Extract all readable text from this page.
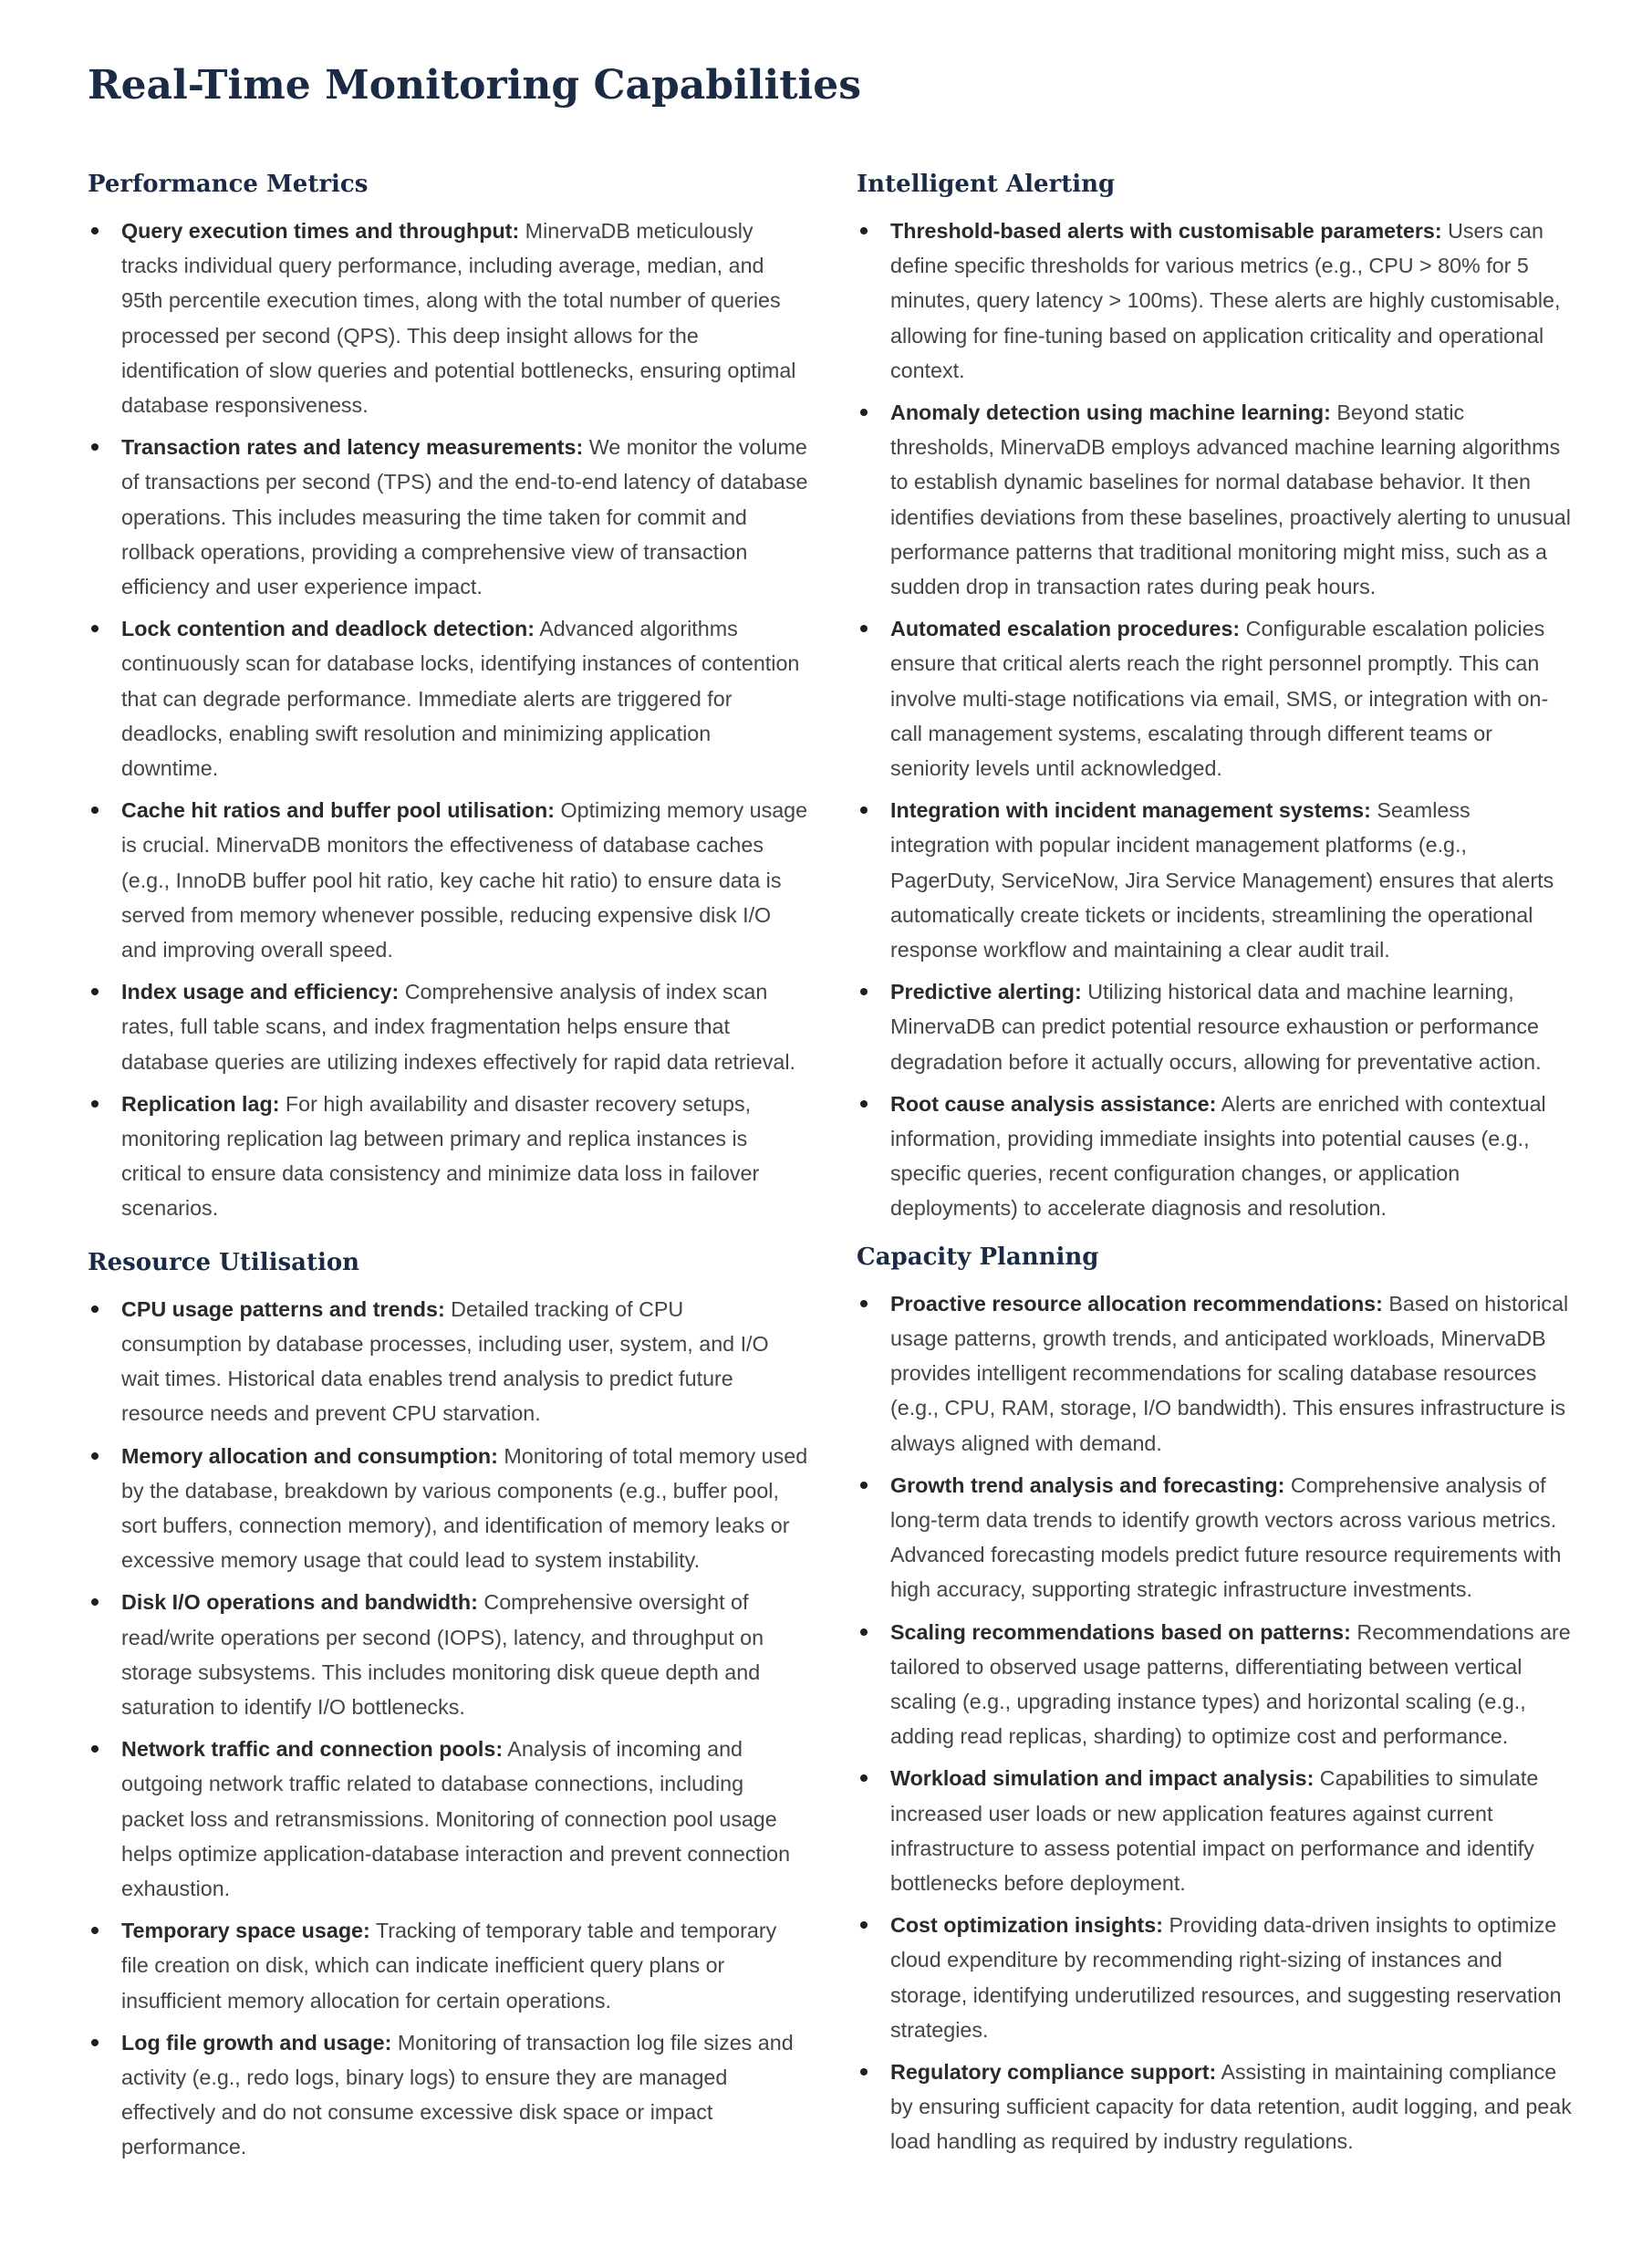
Real-Time Monitoring Capabilities
Performance Metrics
Query execution times and throughput: MinervaDB meticulously tracks individual query performance, including average, median, and 95th percentile execution times, along with the total number of queries processed per second (QPS). This deep insight allows for the identification of slow queries and potential bottlenecks, ensuring optimal database responsiveness.
Transaction rates and latency measurements: We monitor the volume of transactions per second (TPS) and the end-to-end latency of database operations. This includes measuring the time taken for commit and rollback operations, providing a comprehensive view of transaction efficiency and user experience impact.
Lock contention and deadlock detection: Advanced algorithms continuously scan for database locks, identifying instances of contention that can degrade performance. Immediate alerts are triggered for deadlocks, enabling swift resolution and minimizing application downtime.
Cache hit ratios and buffer pool utilisation: Optimizing memory usage is crucial. MinervaDB monitors the effectiveness of database caches (e.g., InnoDB buffer pool hit ratio, key cache hit ratio) to ensure data is served from memory whenever possible, reducing expensive disk I/O and improving overall speed.
Index usage and efficiency: Comprehensive analysis of index scan rates, full table scans, and index fragmentation helps ensure that database queries are utilizing indexes effectively for rapid data retrieval.
Replication lag: For high availability and disaster recovery setups, monitoring replication lag between primary and replica instances is critical to ensure data consistency and minimize data loss in failover scenarios.
Resource Utilisation
CPU usage patterns and trends: Detailed tracking of CPU consumption by database processes, including user, system, and I/O wait times. Historical data enables trend analysis to predict future resource needs and prevent CPU starvation.
Memory allocation and consumption: Monitoring of total memory used by the database, breakdown by various components (e.g., buffer pool, sort buffers, connection memory), and identification of memory leaks or excessive memory usage that could lead to system instability.
Disk I/O operations and bandwidth: Comprehensive oversight of read/write operations per second (IOPS), latency, and throughput on storage subsystems. This includes monitoring disk queue depth and saturation to identify I/O bottlenecks.
Network traffic and connection pools: Analysis of incoming and outgoing network traffic related to database connections, including packet loss and retransmissions. Monitoring of connection pool usage helps optimize application-database interaction and prevent connection exhaustion.
Temporary space usage: Tracking of temporary table and temporary file creation on disk, which can indicate inefficient query plans or insufficient memory allocation for certain operations.
Log file growth and usage: Monitoring of transaction log file sizes and activity (e.g., redo logs, binary logs) to ensure they are managed effectively and do not consume excessive disk space or impact performance.
Intelligent Alerting
Threshold-based alerts with customisable parameters: Users can define specific thresholds for various metrics (e.g., CPU > 80% for 5 minutes, query latency > 100ms). These alerts are highly customisable, allowing for fine-tuning based on application criticality and operational context.
Anomaly detection using machine learning: Beyond static thresholds, MinervaDB employs advanced machine learning algorithms to establish dynamic baselines for normal database behavior. It then identifies deviations from these baselines, proactively alerting to unusual performance patterns that traditional monitoring might miss, such as a sudden drop in transaction rates during peak hours.
Automated escalation procedures: Configurable escalation policies ensure that critical alerts reach the right personnel promptly. This can involve multi-stage notifications via email, SMS, or integration with on-call management systems, escalating through different teams or seniority levels until acknowledged.
Integration with incident management systems: Seamless integration with popular incident management platforms (e.g., PagerDuty, ServiceNow, Jira Service Management) ensures that alerts automatically create tickets or incidents, streamlining the operational response workflow and maintaining a clear audit trail.
Predictive alerting: Utilizing historical data and machine learning, MinervaDB can predict potential resource exhaustion or performance degradation before it actually occurs, allowing for preventative action.
Root cause analysis assistance: Alerts are enriched with contextual information, providing immediate insights into potential causes (e.g., specific queries, recent configuration changes, or application deployments) to accelerate diagnosis and resolution.
Capacity Planning
Proactive resource allocation recommendations: Based on historical usage patterns, growth trends, and anticipated workloads, MinervaDB provides intelligent recommendations for scaling database resources (e.g., CPU, RAM, storage, I/O bandwidth). This ensures infrastructure is always aligned with demand.
Growth trend analysis and forecasting: Comprehensive analysis of long-term data trends to identify growth vectors across various metrics. Advanced forecasting models predict future resource requirements with high accuracy, supporting strategic infrastructure investments.
Scaling recommendations based on patterns: Recommendations are tailored to observed usage patterns, differentiating between vertical scaling (e.g., upgrading instance types) and horizontal scaling (e.g., adding read replicas, sharding) to optimize cost and performance.
Workload simulation and impact analysis: Capabilities to simulate increased user loads or new application features against current infrastructure to assess potential impact on performance and identify bottlenecks before deployment.
Cost optimization insights: Providing data-driven insights to optimize cloud expenditure by recommending right-sizing of instances and storage, identifying underutilized resources, and suggesting reservation strategies.
Regulatory compliance support: Assisting in maintaining compliance by ensuring sufficient capacity for data retention, audit logging, and peak load handling as required by industry regulations.
